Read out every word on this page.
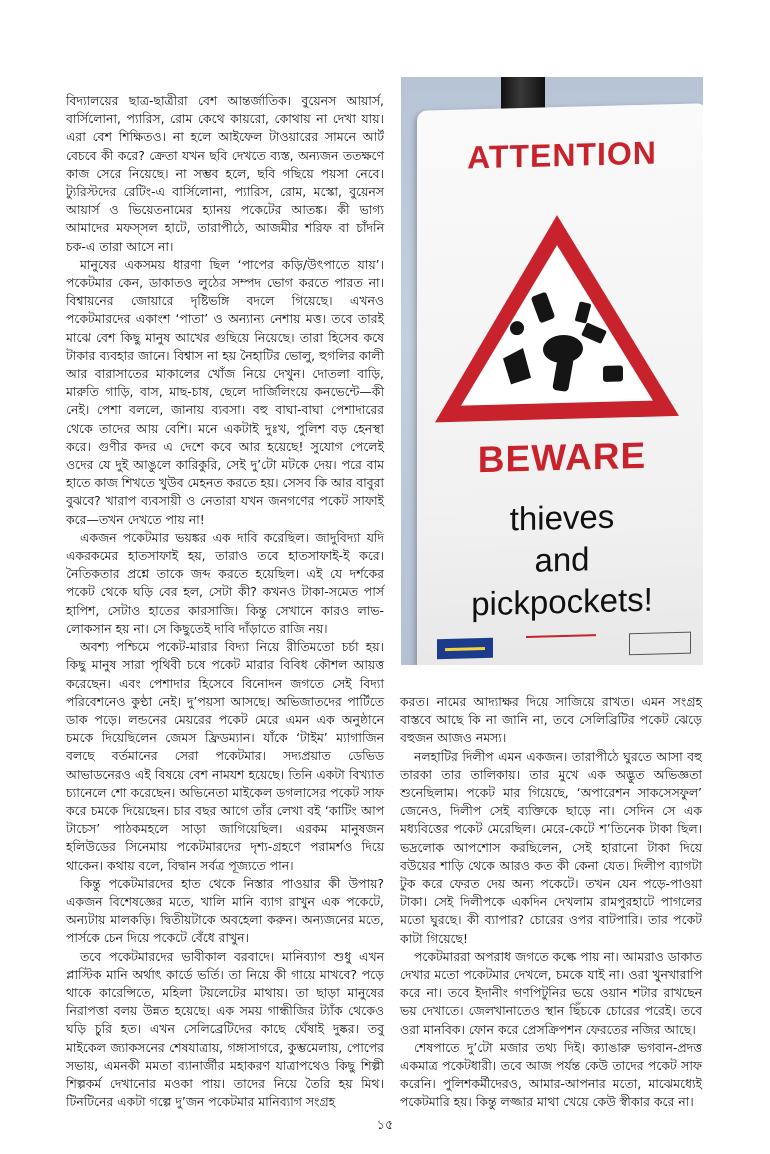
বিদ্যালয়ের ছাত্র-ছাত্রীরা বেশ আন্তর্জাতিক। বুয়েনস আয়ার্স, বার্সিলোনা, প্যারিস, রোম কেথে কায়রো, কোথায় না দেখা যায়। এরা বেশ শিক্ষিতও। না হলে আইফেল টাওয়ারের সামনে আর্ট বেচবে কী করে? ক্রেতা যখন ছবি দেখতে ব্যস্ত, অন্যজন ততক্ষণে কাজ সেরে নিয়েছে। না সম্ভব হলে, ছবি গছিয়ে পয়সা নেবে। ট্যুরিস্টদের রেটিং-এ বার্সিলোনা, প্যারিস, রোম, মস্কো, বুয়েনস আয়ার্স ও ভিয়েতনামের হ্যানয় পকেটের আতঙ্ক। কী ভাগ্য আমাদের মফস্সল হাটে, তারাপীঠে, আজমীর শরিফ বা চাঁদনি চক-এ তারা আসে না।

মানুষের একসময় ধারণা ছিল ‘পাপের কড়ি/উৎপাতে যায়’। পকেটমার কেন, ডাকাতও লুঠের সম্পদ ভোগ করতে পারত না। বিশ্বায়নের জোয়ারে দৃষ্টিভঙ্গি বদলে গিয়েছে। এখনও পকেটমারদের একাংশ ‘পাতা’ ও অন্যান্য নেশায় মত্ত। তবে তারই মাঝে বেশ কিছু মানুষ আখের গুছিয়ে নিয়েছে। তারা হিসেব কষে টাকার ব্যবহার জানে। বিশ্বাস না হয় নৈহাটির ভোলু, হুগলির কালী আর বারাসাতের মাকালের খোঁজ নিয়ে দেখুন। দোতলা বাড়ি, মারুতি গাড়ি, বাস, মাছ-চাষ, ছেলে দার্জিলিংয়ে কনভেন্টে—কী নেই। পেশা বললে, জানায় ব্যবসা। বহু বাঘা-বাঘা পেশাদারের থেকে তাদের আয় বেশি। মনে একটাই দুঃখ, পুলিশ বড় হেনস্থা করে। গুণীর কদর এ দেশে কবে আর হয়েছে! সুযোগ পেলেই ওদের যে দুই আঙুলে কারিকুরি, সেই দু’টো মটকে দেয়। পরে বাম হাতে কাজ শিখতে খুউব মেহনত করতে হয়। সেসব কি আর বাবুরা বুঝবে? খারাপ ব্যবসায়ী ও নেতারা যখন জনগণের পকেট সাফাই করে—তখন দেখতে পায় না!

একজন পকেটমার ভয়ঙ্কর এক দাবি করেছিল। জাদুবিদ্যা যদি একরকমের হাতসাফাই হয়, তারাও তবে হাতসাফাই-ই করে। নৈতিকতার প্রশ্নে তাকে জব্দ করতে হয়েছিল। এই যে দর্শকের পকেট থেকে ঘড়ি বের হল, সেটা কী? কখনও টাকা-সমেত পার্স হাপিশ, সেটাও হাতের কারসাজি। কিন্তু সেখানে কারও লাভ-লোকসান হয় না। সে কিছুতেই দাবি দাঁড়াতে রাজি নয়।

অবশ্য পশ্চিমে পকেট-মারার বিদ্যা নিয়ে রীতিমতো চর্চা হয়। কিছু মানুষ সারা পৃথিবী চষে পকেট মারার বিবিধ কৌশল আয়ত্ত করেছেন। এবং পেশাদার হিসেবে বিনোদন জগতে সেই বিদ্যা পরিবেশনেও কুণ্ঠা নেই। দু’পয়সা আসছে। অভিজাতদের পার্টিতে ডাক পড়ে। লন্ডনের মেয়রের পকেট মেরে এমন এক অনুষ্ঠানে চমকে দিয়েছিলেন জেমস ফ্রিডম্যান। যাঁকে ‘টাইম’ ম্যাগাজিন বলছে বর্তমানের সেরা পকেটমার। সদ্যপ্রয়াত ডেভিড আভাডনেরও এই বিষয়ে বেশ নামযশ হয়েছে। তিনি একটা বিখ্যাত চ্যানেলে শো করেছেন। অভিনেতা মাইকেল ডগলাসের পকেট সাফ করে চমকে দিয়েছেন। চার বছর আগে তাঁর লেখা বই ‘কাটিং আপ টাচেস’ পাঠকমহলে সাড়া জাগিয়েছিল। এরকম মানুষজন হলিউডের সিনেমায় পকেটমারদের দৃশ্য-গ্রহণে পরামর্শও দিয়ে থাকেন। কথায় বলে, বিদ্বান সর্বত্র পূজ্যতে পান।

কিন্তু পকেটমারদের হাত থেকে নিস্তার পাওয়ার কী উপায়? একজন বিশেষজ্ঞের মতে, খালি মানি ব্যাগ রাখুন এক পকেটে, অন্যটায় মালকড়ি। দ্বিতীয়টাকে অবহেলা করুন। অন্যজনের মতে, পার্সকে চেন দিয়ে পকেটে বেঁধে রাখুন।

তবে পকেটমারদের ভাবীকাল বরবাদে। মানিব্যাগ শুধু এখন প্লাস্টিক মানি অর্থাৎ কার্ডে ভর্তি। তা নিয়ে কী গায়ে মাখবে? পড়ে থাকে কারেন্সিতে, মহিলা টয়লেটের মাথায়। তা ছাড়া মানুষের নিরাপত্তা বলয় উন্নত হয়েছে। এক সময় গান্ধীজির ট্যাঁক থেকেও ঘড়ি চুরি হত। এখন সেলিব্রেটিদের কাছে ঘেঁষাই দুষ্কর। তবু মাইকেল জ্যাকসনের শেষযাত্রায়, গঙ্গাসাগরে, কুম্ভমেলায়, পোপের সভায়, এমনকী মমতা ব্যানার্জীর মহাকরণ যাত্রাপথেও কিছু শিল্পী শিল্পকর্ম দেখানোর মওকা পায়। তাদের নিয়ে তৈরি হয় মিথ। টিনটিনের একটা গল্পে দু’জন পকেটমার মানিব্যাগ সংগ্রহ

ATTENTION
BEWARE
thieves
and
pickpockets!

করত। নামের আদ্যাক্ষর দিয়ে সাজিয়ে রাখত। এমন সংগ্রহ বাস্তবে আছে কি না জানি না, তবে সেলিব্রিটির পকেট ঝেড়ে বহুজন আজও নমস্য।

নলহাটির দিলীপ এমন একজন। তারাপীঠে ঘুরতে আসা বহু তারকা তার তালিকায়। তার মুখে এক অদ্ভুত অভিজ্ঞতা শুনেছিলাম। পকেট মার গিয়েছে, ‘অপারেশন সাকসেসফুল’ জেনেও, দিলীপ সেই ব্যক্তিকে ছাড়ে না। সেদিন সে এক মধ্যবিত্তের পকেট মেরেছিল। মেরে-কেটে শ’তিনেক টাকা ছিল। ভদ্রলোক আপশোস করছিলেন, সেই হারানো টাকা দিয়ে বউয়ের শাড়ি থেকে আরও কত কী কেনা যেত। দিলীপ ব্যাগটা টুক করে ফেরত দেয় অন্য পকেটে। তখন যেন পড়ে-পাওয়া টাকা। সেই দিলীপকে একদিন দেখলাম রামপুরহাটে পাগলের মতো ঘুরছে। কী ব্যাপার? চোরের ওপর বাটপারি। তার পকেট কাটা গিয়েছে!

পকেটমাররা অপরাধ জগতে কল্কে পায় না। আমরাও ডাকাত দেখার মতো পকেটমার দেখলে, চমকে যাই না। ওরা খুনখারাপি করে না। তবে ইদানীং গণপিটুনির ভয়ে ওয়ান শটার রাখছেন ভয় দেখাতে। জেলখানাতেও স্থান ছিঁচকে চোরের পরেই। তবে ওরা মানবিক। ফোন করে প্রেসক্রিপশন ফেরতের নজির আছে।

শেষপাতে দু’টো মজার তথ্য দিই। ক্যাঙারু ভগবান-প্রদত্ত একমাত্র পকেটধারী। তবে আজ পর্যন্ত কেউ তাদের পকেট সাফ করেনি। পুলিশকর্মীদেরও, আমার-আপনার মতো, মাঝেমধ্যেই পকেটমারি হয়। কিন্তু লজ্জার মাথা খেয়ে কেউ স্বীকার করে না।

১৫
